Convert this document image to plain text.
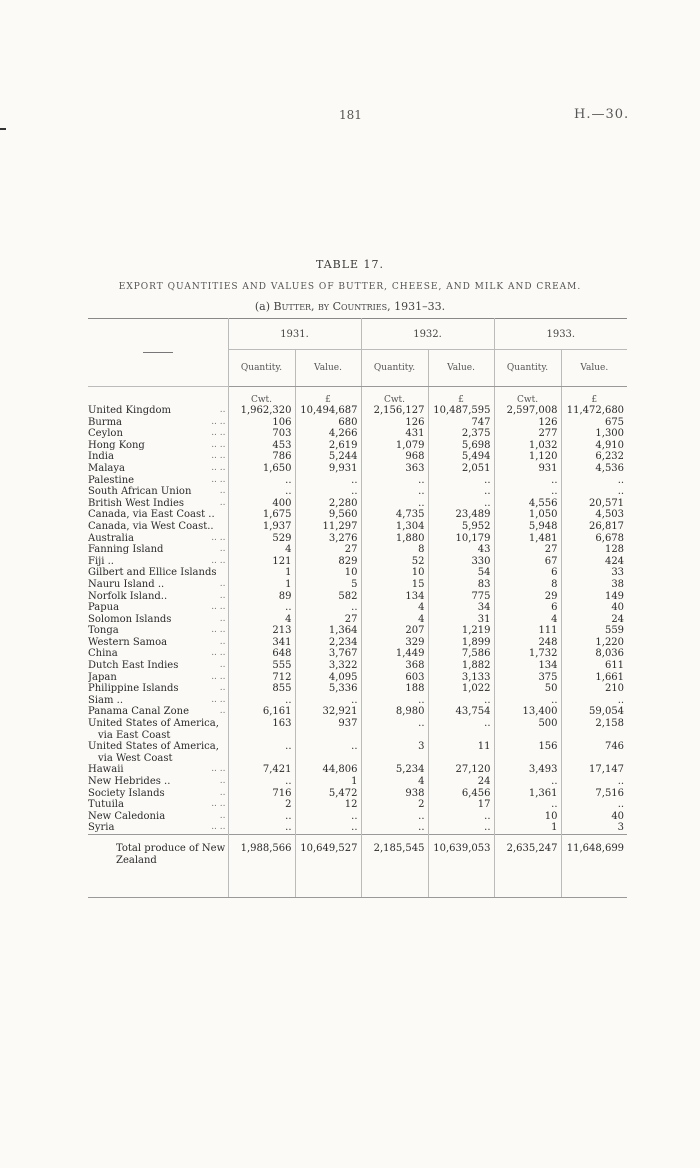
181	H.—30.
TABLE 17.
EXPORT QUANTITIES AND VALUES OF BUTTER, CHEESE, AND MILK AND CREAM.
(a) Butter, by Countries, 1931–33.
	1931.		1932.		1933.	
	Quantity.	Value.	Quantity.	Value.	Quantity.	Value.
	Cwt.	£	Cwt.	£	Cwt.	£
United Kingdom ..	1,962,320	10,494,687	2,156,127	10,487,595	2,597,008	11,472,680
Burma .. ..	106	680	126	747	126	675
Ceylon .. ..	703	4,266	431	2,375	277	1,300
Hong Kong .. ..	453	2,619	1,079	5,698	1,032	4,910
India .. ..	786	5,244	968	5,494	1,120	6,232
Malaya .. ..	1,650	9,931	363	2,051	931	4,536
Palestine .. ..	..	..	..	..	..	..
South African Union ..	..	..	..	..	..	..
British West Indies ..	400	2,280	..	..	4,556	20,571
Canada, via East Coast ..	1,675	9,560	4,735	23,489	1,050	4,503
Canada, via West Coast..	1,937	11,297	1,304	5,952	5,948	26,817
Australia .. ..	529	3,276	1,880	10,179	1,481	6,678
Fanning Island ..	4	27	8	43	27	128
Fiji .. .. ..	121	829	52	330	67	424
Gilbert and Ellice Islands	1	10	10	54	6	33
Nauru Island .. ..	1	5	15	83	8	38
Norfolk Island.. ..	89	582	134	775	29	149
Papua .. ..	..	..	4	34	6	40
Solomon Islands ..	4	27	4	31	4	24
Tonga .. ..	213	1,364	207	1,219	111	559
Western Samoa ..	341	2,234	329	1,899	248	1,220
China .. ..	648	3,767	1,449	7,586	1,732	8,036
Dutch East Indies ..	555	3,322	368	1,882	134	611
Japan .. ..	712	4,095	603	3,133	375	1,661
Philippine Islands ..	855	5,336	188	1,022	50	210
Siam .. .. ..	..	..	..	..	..	..
Panama Canal Zone ..	6,161	32,921	8,980	43,754	13,400	59,054
United States of America,
via East Coast	163	937	..	..	500	2,158
United States of America,
via West Coast	..	..	3	11	156	746
Hawaii .. ..	7,421	44,806	5,234	27,120	3,493	17,147
New Hebrides .. ..	..	1	4	24	..	..
Society Islands ..	716	5,472	938	6,456	1,361	7,516
Tutuila .. ..	2	12	2	17	..	..
New Caledonia ..	..	..	..	..	10	40
Syria .. ..	..	..	..	..	1	3
Total produce of New
Zealand	1,988,566	10,649,527	2,185,545	10,639,053	2,635,247	11,648,699
